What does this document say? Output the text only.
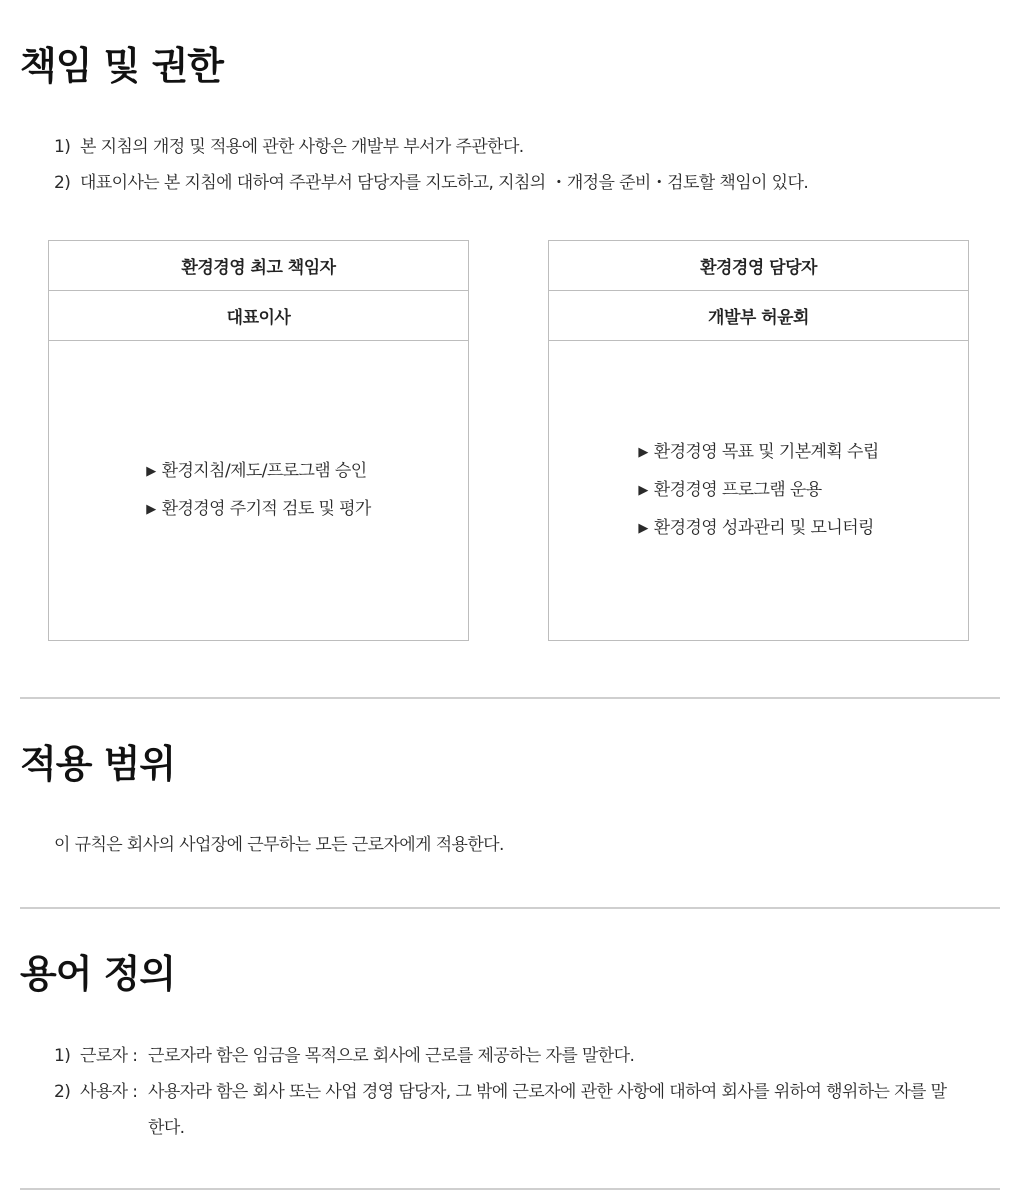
책임 및 권한

1) 본 지침의 개정 및 적용에 관한 사항은 개발부 부서가 주관한다.

2) 대표이사는 본 지침에 대하여 주관부서 담당자를 지도하고, 지침의 ・개정을 준비・검토할 책임이 있다.

환경경영 최고 책임자
대표이사
▶ 환경지침/제도/프로그램 승인
▶ 환경경영 주기적 검토 및 평가
환경경영 담당자
개발부 허윤회
▶ 환경경영 목표 및 기본계획 수립
▶ 환경경영 프로그램 운용
▶ 환경경영 성과관리 및 모니터링
적용 범위

이 규칙은 회사의 사업장에 근무하는 모든 근로자에게 적용한다.

용어 정의
1) 근로자 : 근로자라 함은 임금을 목적으로 회사에 근로를 제공하는 자를 말한다.
2) 사용자 : 사용자라 함은 회사 또는 사업 경영 담당자, 그 밖에 근로자에 관한 사항에 대하여 회사를 위하여 행위하는 자를 말한다.
